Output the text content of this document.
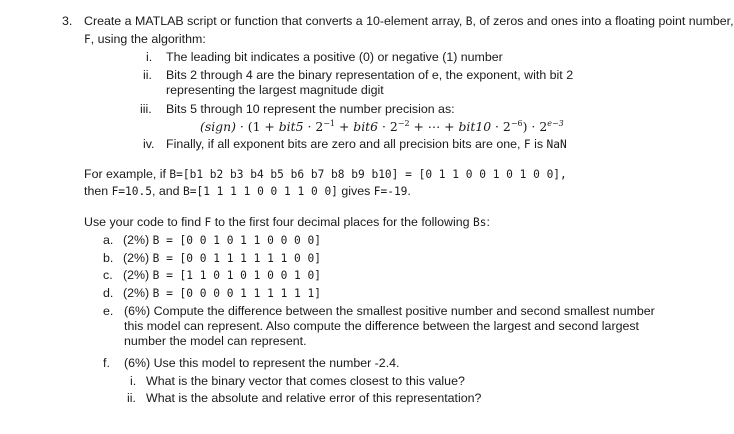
3. Create a MATLAB script or function that converts a 10-element array, B, of zeros and ones into a floating point number,
F, using the algorithm:
i. The leading bit indicates a positive (0) or negative (1) number
ii. Bits 2 through 4 are the binary representation of e, the exponent, with bit 2 representing the largest magnitude digit
iii. Bits 5 through 10 represent the number precision as:
(sign) · ($1 + bit5 \cdot 2^{-1} + bit6 \cdot 2^{-2}$ + ⋯ + $bit10 \cdot 2^{-6}) \cdot 2^{e-3}$
iv. Finally, if all exponent bits are zero and all precision bits are one, F is NaN
For example, if B=[b1 b2 b3 b4 b5 b6 b7 b8 b9 b10] = [0 1 1 0 0 1 0 1 0 0],
then F=10.5, and B=[1 1 1 1 0 0 1 1 0 0] gives F=-19.
Use your code to find F to the first four decimal places for the following Bs:
a. (2%) B = [0 0 1 0 1 1 0 0 0 0]
b. (2%) B = [0 0 1 1 1 1 1 1 0 0]
c. (2%) B = [1 1 0 1 0 1 0 0 1 0]
d. (2%) B = [0 0 0 0 1 1 1 1 1 1]
e. (6%) Compute the difference between the smallest positive number and second smallest number this model can represent. Also compute the difference between the largest and second largest number the model can represent.
f. (6%) Use this model to represent the number -2.4.
i. What is the binary vector that comes closest to this value?
ii. What is the absolute and relative error of this representation?
